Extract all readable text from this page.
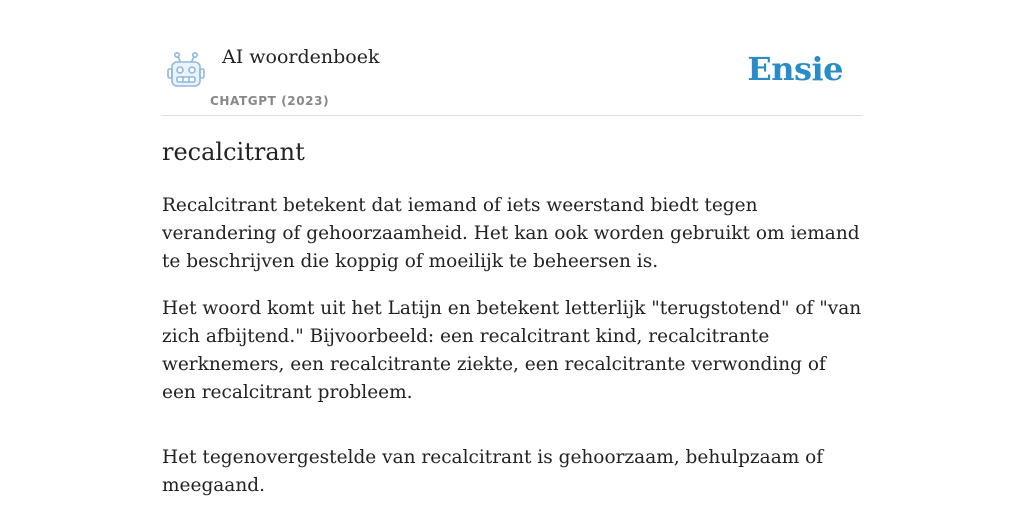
AI woordenboek
CHATGPT (2023)
Ensie
recalcitrant

Recalcitrant betekent dat iemand of iets weerstand biedt tegen verandering of gehoorzaamheid. Het kan ook worden gebruikt om iemand te beschrijven die koppig of moeilijk te beheersen is.

Het woord komt uit het Latijn en betekent letterlijk "terugstotend" of "van zich afbijtend." Bijvoorbeeld: een recalcitrant kind, recalcitrante werknemers, een recalcitrante ziekte, een recalcitrante verwonding of een recalcitrant probleem.

Het tegenovergestelde van recalcitrant is gehoorzaam, behulpzaam of meegaand.
